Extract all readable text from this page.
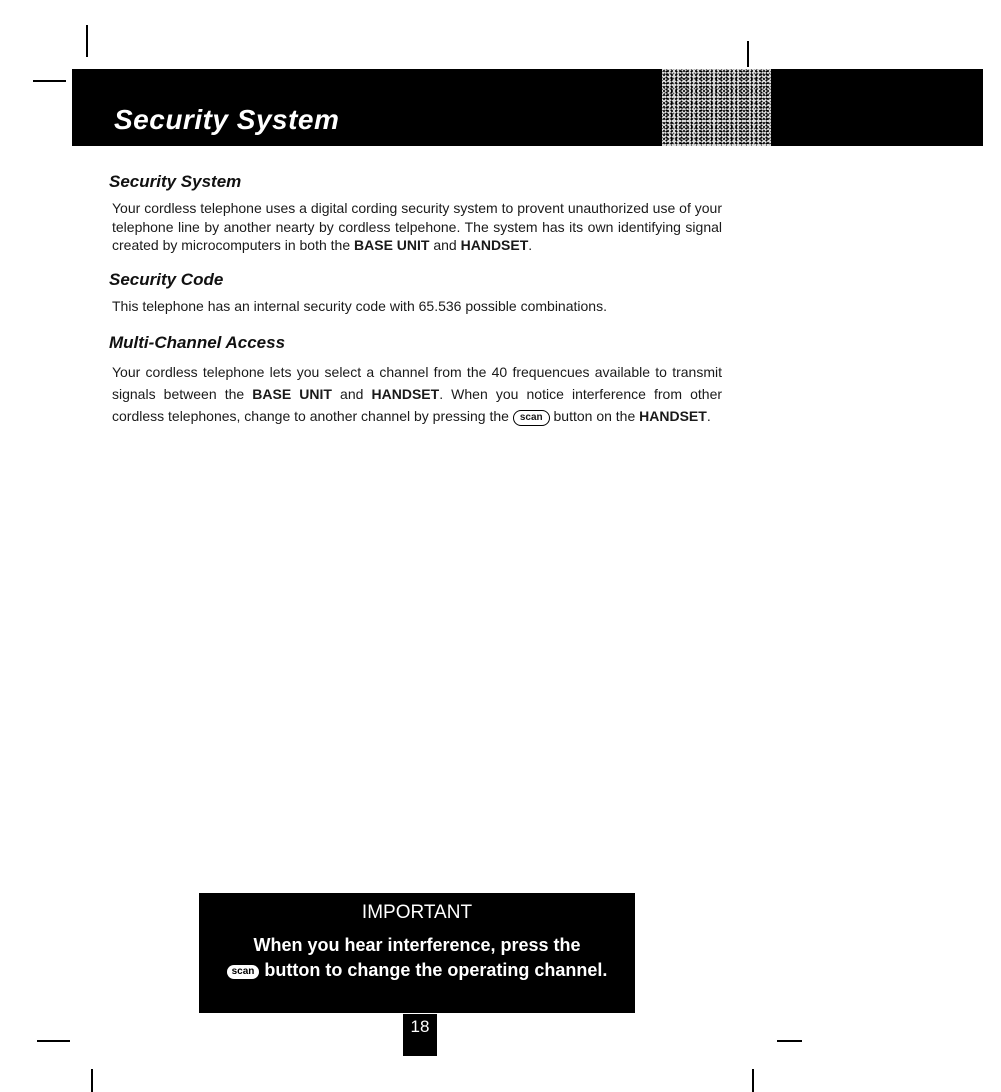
Security System
Security System

Your cordless telephone uses a digital cording security system to provent unauthorized use of your telephone line by another nearty by cordless telpehone. The system has its own identifying signal created by microcomputers in both the BASE UNIT and HANDSET.

Security Code

This telephone has an internal security code with 65.536 possible combinations.

Multi-Channel Access

Your cordless telephone lets you select a channel from the 40 frequencues available to transmit signals between the BASE UNIT and HANDSET. When you notice interference from other cordless telephones, change to another channel by pressing the scan button on the HANDSET.

IMPORTANT
When you hear interference, press the
scan button to change the operating channel.
18
